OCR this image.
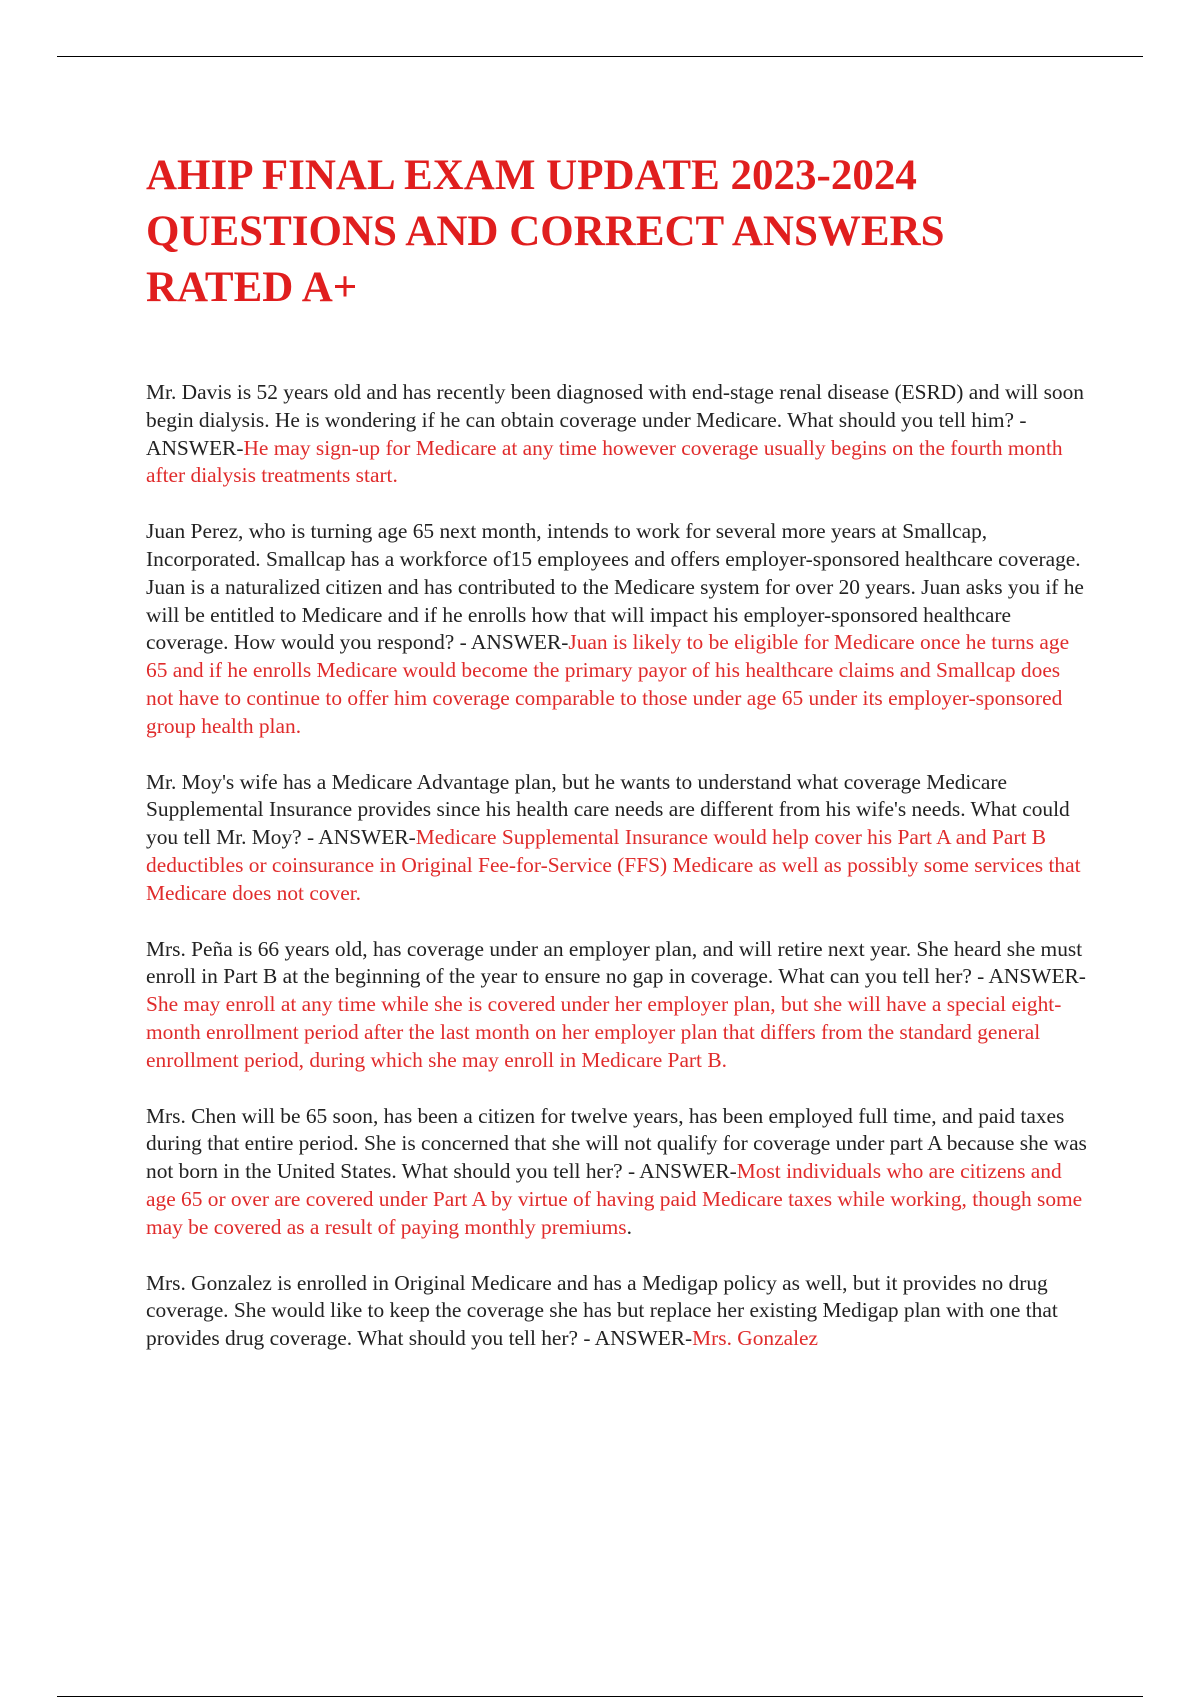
AHIP FINAL EXAM UPDATE 2023-2024
QUESTIONS AND CORRECT ANSWERS
RATED A+

Mr. Davis is 52 years old and has recently been diagnosed with end-stage renal disease (ESRD) and will soon begin dialysis. He is wondering if he can obtain coverage under Medicare. What should you tell him? - ANSWER-He may sign-up for Medicare at any time however coverage usually begins on the fourth month after dialysis treatments start.

Juan Perez, who is turning age 65 next month, intends to work for several more years at Smallcap, Incorporated. Smallcap has a workforce of15 employees and offers employer-sponsored healthcare coverage. Juan is a naturalized citizen and has contributed to the Medicare system for over 20 years. Juan asks you if he will be entitled to Medicare and if he enrolls how that will impact his employer-sponsored healthcare coverage. How would you respond? - ANSWER-Juan is likely to be eligible for Medicare once he turns age 65 and if he enrolls Medicare would become the primary payor of his healthcare claims and Smallcap does not have to continue to offer him coverage comparable to those under age 65 under its employer-sponsored group health plan.

Mr. Moy's wife has a Medicare Advantage plan, but he wants to understand what coverage Medicare Supplemental Insurance provides since his health care needs are different from his wife's needs. What could you tell Mr. Moy? - ANSWER-Medicare Supplemental Insurance would help cover his Part A and Part B deductibles or coinsurance in Original Fee-for-Service (FFS) Medicare as well as possibly some services that Medicare does not cover.

Mrs. Peña is 66 years old, has coverage under an employer plan, and will retire next year. She heard she must enroll in Part B at the beginning of the year to ensure no gap in coverage. What can you tell her? - ANSWER-She may enroll at any time while she is covered under her employer plan, but she will have a special eight-month enrollment period after the last month on her employer plan that differs from the standard general enrollment period, during which she may enroll in Medicare Part B.

Mrs. Chen will be 65 soon, has been a citizen for twelve years, has been employed full time, and paid taxes during that entire period. She is concerned that she will not qualify for coverage under part A because she was not born in the United States. What should you tell her? - ANSWER-Most individuals who are citizens and age 65 or over are covered under Part A by virtue of having paid Medicare taxes while working, though some may be covered as a result of paying monthly premiums.

Mrs. Gonzalez is enrolled in Original Medicare and has a Medigap policy as well, but it provides no drug coverage. She would like to keep the coverage she has but replace her existing Medigap plan with one that provides drug coverage. What should you tell her? - ANSWER-Mrs. Gonzalez
